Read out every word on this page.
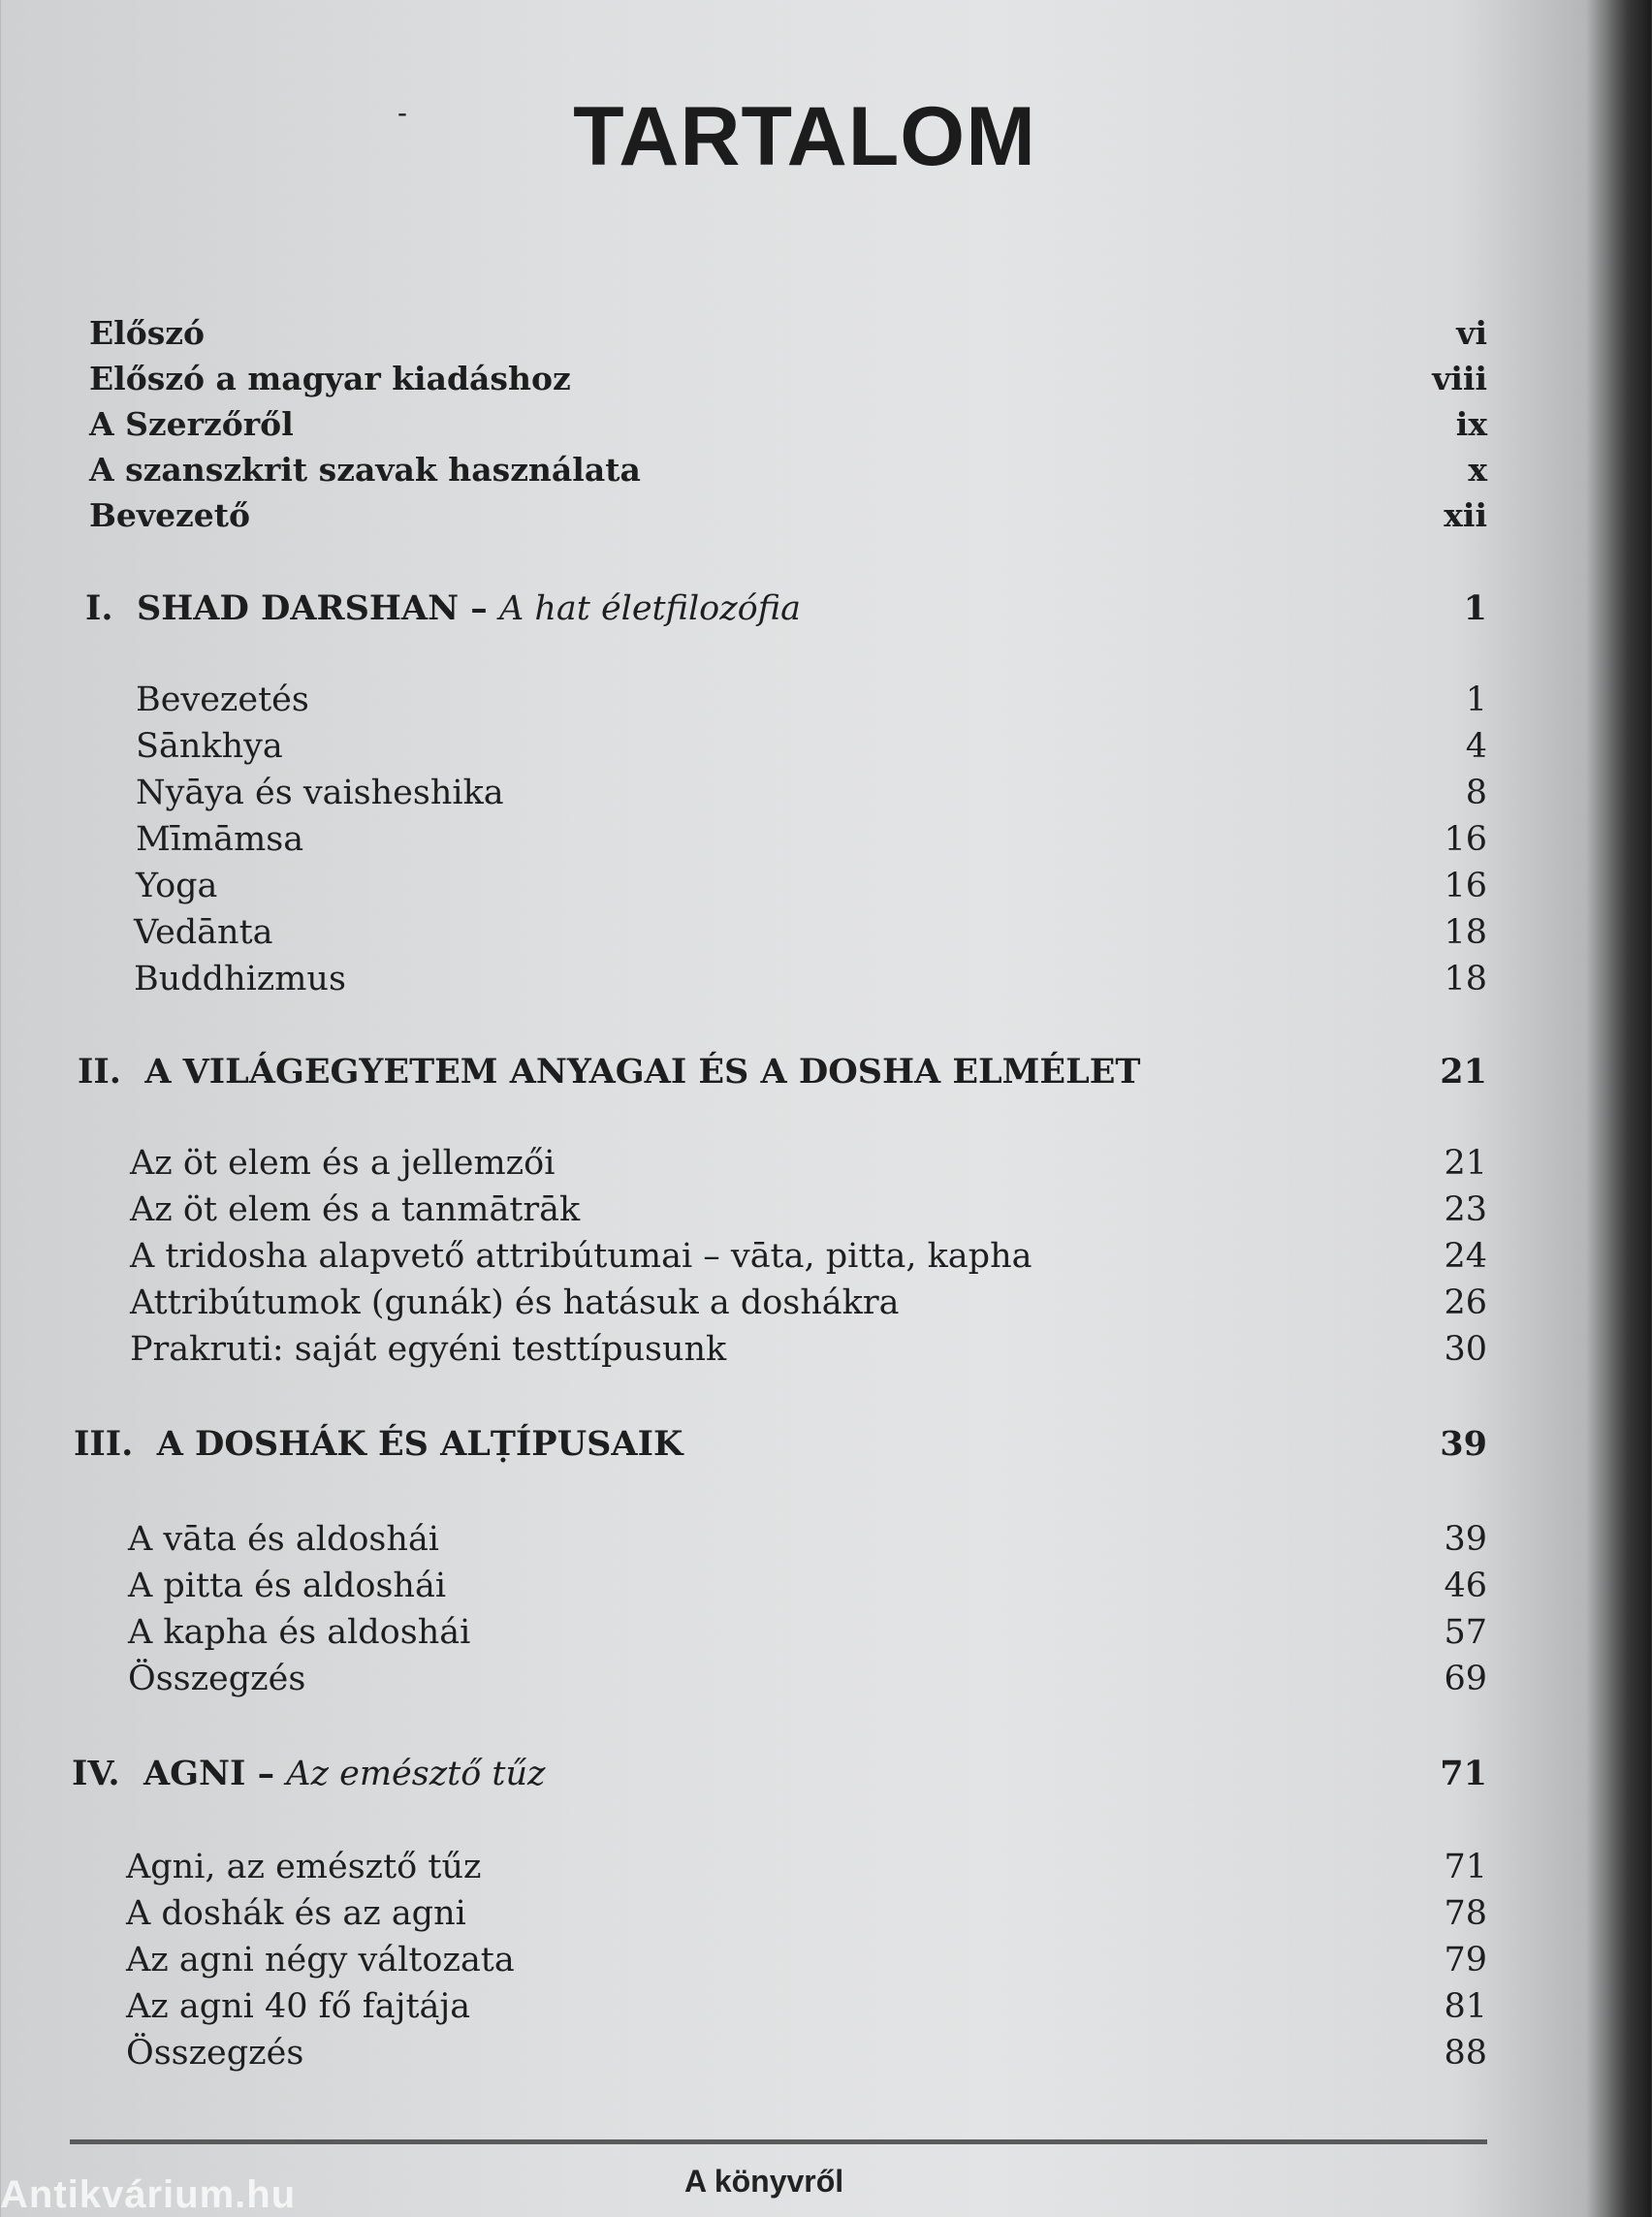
-	TARTALOM
Előszó	vi
Előszó a magyar kiadáshoz	viii
A Szerzőről	ix
A szanszkrit szavak használata	x
Bevezető	xii
I. SHAD DARSHAN – A hat életfilozófia	1
Bevezetés	1
Sānkhya	4
Nyāya és vaisheshika	8
Mīmāmsa	16
Yoga	16
Vedānta	18
Buddhizmus	18
II. A VILÁGEGYETEM ANYAGAI ÉS A DOSHA ELMÉLET	21
Az öt elem és a jellemzői	21
Az öt elem és a tanmātrāk	23
A tridosha alapvető attribútumai – vāta, pitta, kapha	24
Attribútumok (gunák) és hatásuk a doshákra	26
Prakruti: saját egyéni testtípusunk	30
III. A DOSHÁK ÉS ALṬÍPUSAIK	39
A vāta és aldoshái	39
A pitta és aldoshái	46
A kapha és aldoshái	57
Összegzés	69
IV. AGNI – Az emésztő tűz	71
Agni, az emésztő tűz	71
A doshák és az agni	78
Az agni négy változata	79
Az agni 40 fő fajtája	81
Összegzés	88
A könyvről
Antikvárium.hu
